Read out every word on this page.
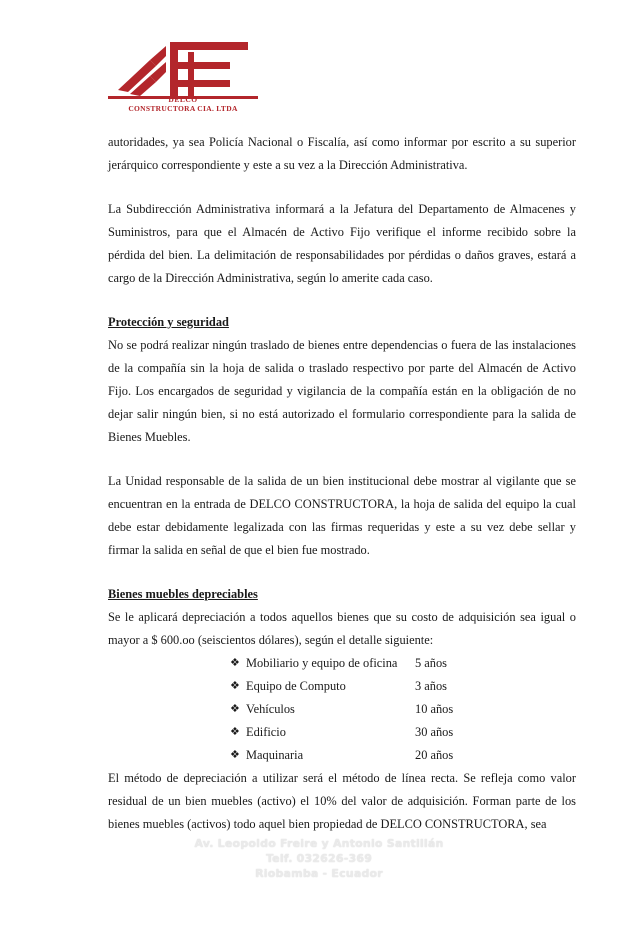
DELCO
CONSTRUCTORA CIA. LTDA

autoridades, ya sea Policía Nacional o Fiscalía, así como informar por escrito a su superior jerárquico correspondiente y este a su vez a la Dirección Administrativa.

La Subdirección Administrativa informará a la Jefatura del Departamento de Almacenes y Suministros, para que el Almacén de Activo Fijo verifique el informe recibido sobre la pérdida del bien. La delimitación de responsabilidades por pérdidas o daños graves, estará a cargo de la Dirección Administrativa, según lo amerite cada caso.

Protección y seguridad

No se podrá realizar ningún traslado de bienes entre dependencias o fuera de las instalaciones de la compañía sin la hoja de salida o traslado respectivo por parte del Almacén de Activo Fijo. Los encargados de seguridad y vigilancia de la compañía están en la obligación de no dejar salir ningún bien, si no está autorizado el formulario correspondiente para la salida de Bienes Muebles.

La Unidad responsable de la salida de un bien institucional debe mostrar al vigilante que se encuentran en la entrada de DELCO CONSTRUCTORA, la hoja de salida del equipo la cual debe estar debidamente legalizada con las firmas requeridas y este a su vez debe sellar y firmar la salida en señal de que el bien fue mostrado.

Bienes muebles depreciables

Se le aplicará depreciación a todos aquellos bienes que su costo de adquisición sea igual o mayor a $ 600.oo (seiscientos dólares), según el detalle siguiente:

❖ Mobiliario y equipo de oficina 5 años
❖ Equipo de Computo	3 años
❖ Vehículos	10 años
❖ Edificio	30 años
❖ Maquinaria	20 años

El método de depreciación a utilizar será el método de línea recta. Se refleja como valor residual de un bien muebles (activo) el 10% del valor de adquisición. Forman parte de los bienes muebles (activos) todo aquel bien propiedad de DELCO CONSTRUCTORA, sea

Av. Leopoldo Freire y Antonio Santillán
Telf. 032626-369
Riobamba - Ecuador
